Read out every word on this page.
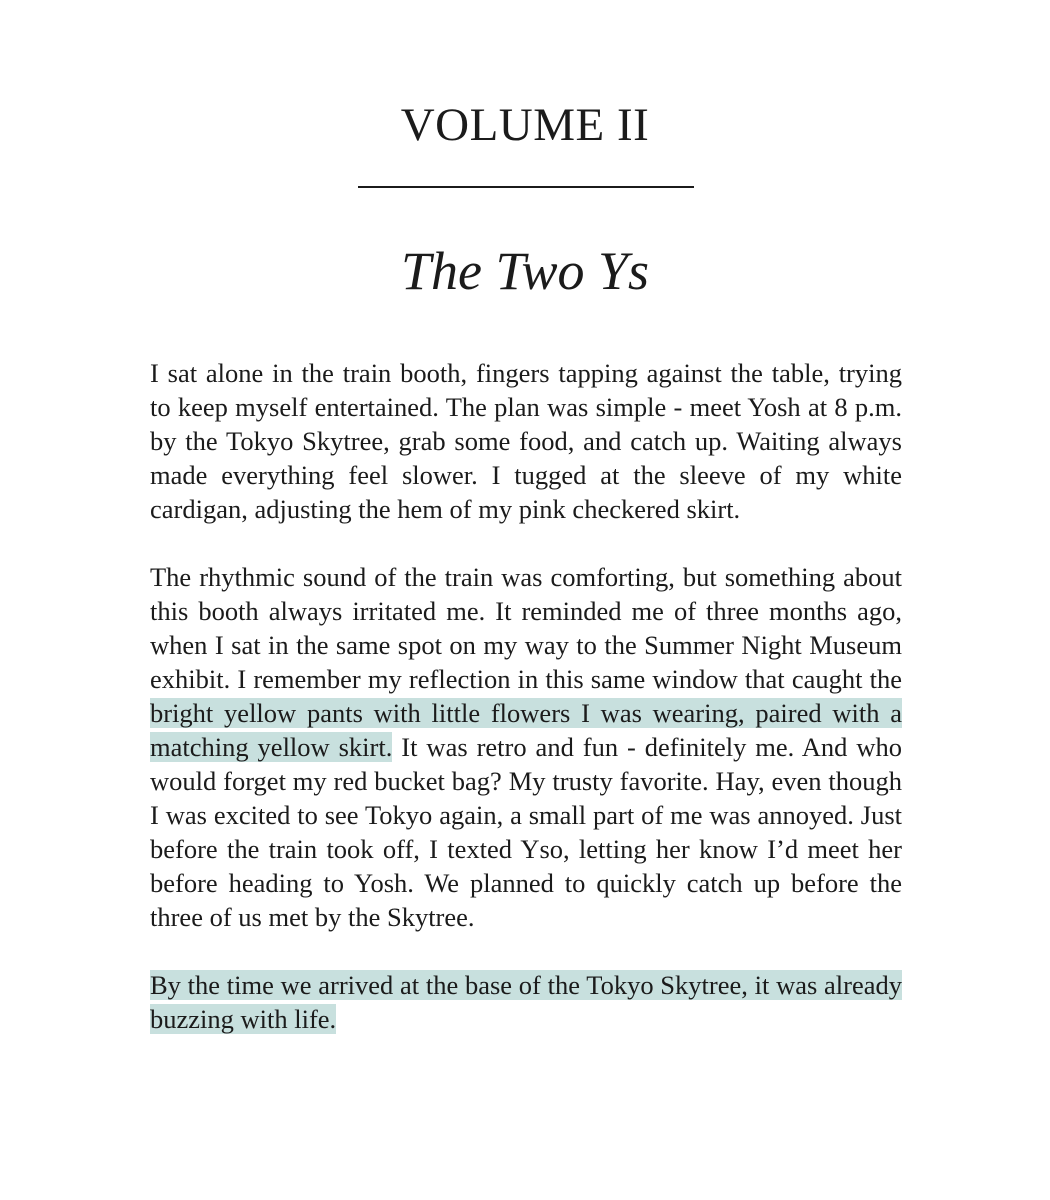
VOLUME II
The Two Ys

I sat alone in the train booth, fingers tapping against the table, trying to keep myself entertained. The plan was simple - meet Yosh at 8 p.m. by the Tokyo Skytree, grab some food, and catch up. Waiting always made everything feel slower. I tugged at the sleeve of my white cardigan, adjusting the hem of my pink checkered skirt.

The rhythmic sound of the train was comforting, but something about this booth always irritated me. It reminded me of three months ago, when I sat in the same spot on my way to the Summer Night Museum exhibit. I remember my reflection in this same window that caught the bright yellow pants with little flowers I was wearing, paired with a matching yellow skirt. It was retro and fun - definitely me. And who would forget my red bucket bag? My trusty favorite. Hay, even though I was excited to see Tokyo again, a small part of me was annoyed. Just before the train took off, I texted Yso, letting her know I’d meet her before heading to Yosh. We planned to quickly catch up before the three of us met by the Skytree.

By the time we arrived at the base of the Tokyo Skytree, it was already buzzing with life.
